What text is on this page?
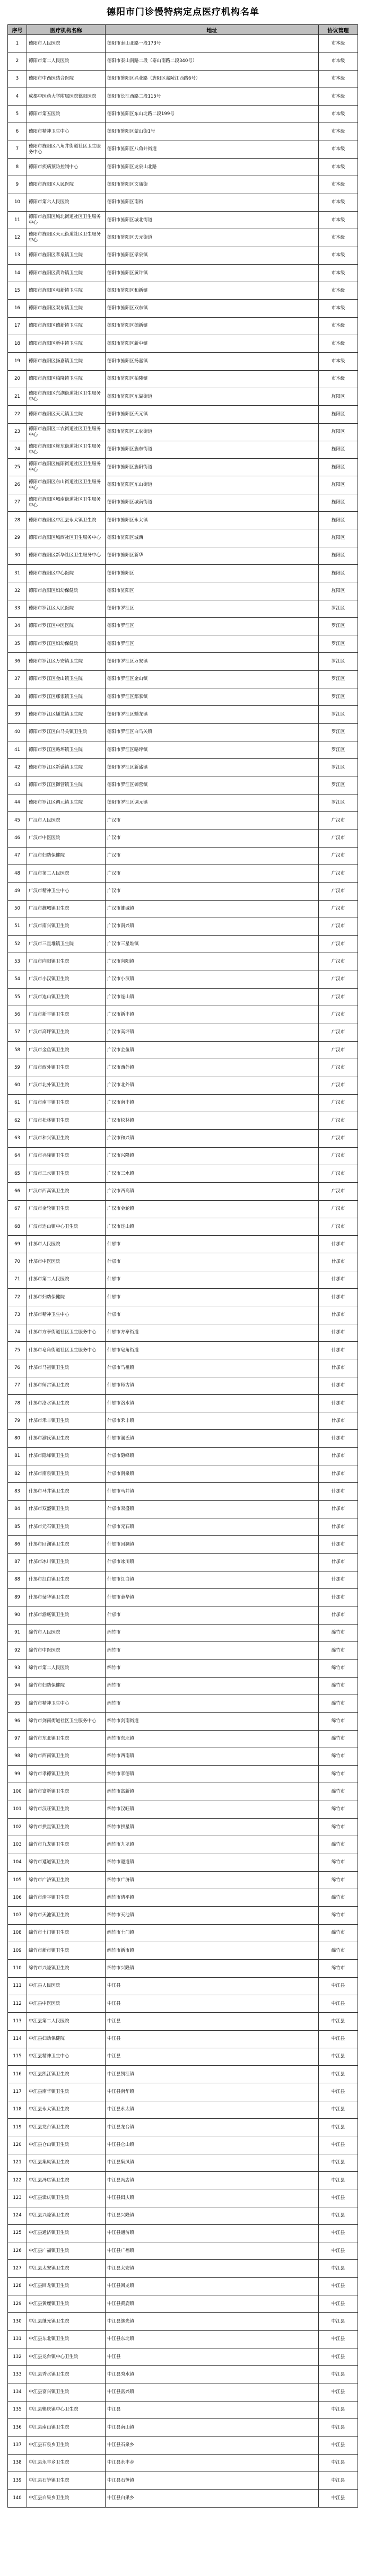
德阳市门诊慢特病定点医疗机构名单
序号	医疗机构名称	地址	协议管理
1	德阳市人民医院	德阳市泰山北路一段173号	市本级
2	德阳市第二人民医院	德阳市泰山南路二段（泰山南路二段340号）	市本级
3	德阳市中西医结合医院	德阳市旌阳区兴业路（旌阳区嘉陵江西路6号）	市本级
4	成都中医药大学附属医院德阳医院	德阳市长江西路二段115号	市本级
5	德阳市第五医院	德阳市旌阳区东山北路二段199号	市本级
6	德阳市精神卫生中心	德阳市旌阳区蒙山街1号	市本级
7	德阳市旌阳区八角井街道社区卫生服务中心	德阳市旌阳区八角井街道	市本级
8	德阳市疾病预防控制中心	德阳市旌阳区龙泉山北路	市本级
9	德阳市旌阳区人民医院	德阳市旌阳区文庙街	市本级
10	德阳市第六人民医院	德阳市旌阳区南街	市本级
11	德阳市旌阳区城北街道社区卫生服务中心	德阳市旌阳区城北街道	市本级
12	德阳市旌阳区天元街道社区卫生服务中心	德阳市旌阳区天元街道	市本级
13	德阳市旌阳区孝泉镇卫生院	德阳市旌阳区孝泉镇	市本级
14	德阳市旌阳区黄许镇卫生院	德阳市旌阳区黄许镇	市本级
15	德阳市旌阳区和新镇卫生院	德阳市旌阳区和新镇	市本级
16	德阳市旌阳区双东镇卫生院	德阳市旌阳区双东镇	市本级
17	德阳市旌阳区德新镇卫生院	德阳市旌阳区德新镇	市本级
18	德阳市旌阳区新中镇卫生院	德阳市旌阳区新中镇	市本级
19	德阳市旌阳区扬嘉镇卫生院	德阳市旌阳区扬嘉镇	市本级
20	德阳市旌阳区柏隆镇卫生院	德阳市旌阳区柏隆镇	市本级
21	德阳市旌阳区东湖街道社区卫生服务中心	德阳市旌阳区东湖街道	旌阳区
22	德阳市旌阳区天元镇卫生院	德阳市旌阳区天元镇	旌阳区
23	德阳市旌阳区工农街道社区卫生服务中心	德阳市旌阳区工农街道	旌阳区
24	德阳市旌阳区旌东街道社区卫生服务中心	德阳市旌阳区旌东街道	旌阳区
25	德阳市旌阳区旌阳街道社区卫生服务中心	德阳市旌阳区旌阳街道	旌阳区
26	德阳市旌阳区东山街道社区卫生服务中心	德阳市旌阳区东山街道	旌阳区
27	德阳市旌阳区城南街道社区卫生服务中心	德阳市旌阳区城南街道	旌阳区
28	德阳市旌阳区中江县永太镇卫生院	德阳市旌阳区永太镇	旌阳区
29	德阳市旌阳区城西社区卫生服务中心	德阳市旌阳区城西	旌阳区
30	德阳市旌阳区新华社区卫生服务中心	德阳市旌阳区新华	旌阳区
31	德阳市旌阳区中心医院	德阳市旌阳区	旌阳区
32	德阳市旌阳区妇幼保健院	德阳市旌阳区	旌阳区
33	德阳市罗江区人民医院	德阳市罗江区	罗江区
34	德阳市罗江区中医医院	德阳市罗江区	罗江区
35	德阳市罗江区妇幼保健院	德阳市罗江区	罗江区
36	德阳市罗江区万安镇卫生院	德阳市罗江区万安镇	罗江区
37	德阳市罗江区金山镇卫生院	德阳市罗江区金山镇	罗江区
38	德阳市罗江区鄢家镇卫生院	德阳市罗江区鄢家镇	罗江区
39	德阳市罗江区蟠龙镇卫生院	德阳市罗江区蟠龙镇	罗江区
40	德阳市罗江区白马关镇卫生院	德阳市罗江区白马关镇	罗江区
41	德阳市罗江区略坪镇卫生院	德阳市罗江区略坪镇	罗江区
42	德阳市罗江区新盛镇卫生院	德阳市罗江区新盛镇	罗江区
43	德阳市罗江区御营镇卫生院	德阳市罗江区御营镇	罗江区
44	德阳市罗江区调元镇卫生院	德阳市罗江区调元镇	罗江区
45	广汉市人民医院	广汉市	广汉市
46	广汉市中医医院	广汉市	广汉市
47	广汉市妇幼保健院	广汉市	广汉市
48	广汉市第二人民医院	广汉市	广汉市
49	广汉市精神卫生中心	广汉市	广汉市
50	广汉市雒城镇卫生院	广汉市雒城镇	广汉市
51	广汉市南兴镇卫生院	广汉市南兴镇	广汉市
52	广汉市三星堆镇卫生院	广汉市三星堆镇	广汉市
53	广汉市向阳镇卫生院	广汉市向阳镇	广汉市
54	广汉市小汉镇卫生院	广汉市小汉镇	广汉市
55	广汉市连山镇卫生院	广汉市连山镇	广汉市
56	广汉市新丰镇卫生院	广汉市新丰镇	广汉市
57	广汉市高坪镇卫生院	广汉市高坪镇	广汉市
58	广汉市金鱼镇卫生院	广汉市金鱼镇	广汉市
59	广汉市西外镇卫生院	广汉市西外镇	广汉市
60	广汉市北外镇卫生院	广汉市北外镇	广汉市
61	广汉市南丰镇卫生院	广汉市南丰镇	广汉市
62	广汉市松林镇卫生院	广汉市松林镇	广汉市
63	广汉市和兴镇卫生院	广汉市和兴镇	广汉市
64	广汉市兴隆镇卫生院	广汉市兴隆镇	广汉市
65	广汉市三水镇卫生院	广汉市三水镇	广汉市
66	广汉市西高镇卫生院	广汉市西高镇	广汉市
67	广汉市金轮镇卫生院	广汉市金轮镇	广汉市
68	广汉市连山镇中心卫生院	广汉市连山镇	广汉市
69	什邡市人民医院	什邡市	什邡市
70	什邡市中医医院	什邡市	什邡市
71	什邡市第二人民医院	什邡市	什邡市
72	什邡市妇幼保健院	什邡市	什邡市
73	什邡市精神卫生中心	什邡市	什邡市
74	什邡市方亭街道社区卫生服务中心	什邡市方亭街道	什邡市
75	什邡市皂角街道社区卫生服务中心	什邡市皂角街道	什邡市
76	什邡市马祖镇卫生院	什邡市马祖镇	什邡市
77	什邡市师古镇卫生院	什邡市师古镇	什邡市
78	什邡市洛水镇卫生院	什邡市洛水镇	什邡市
79	什邡市禾丰镇卫生院	什邡市禾丰镇	什邡市
80	什邡市湔氐镇卫生院	什邡市湔氐镇	什邡市
81	什邡市隐峰镇卫生院	什邡市隐峰镇	什邡市
82	什邡市南泉镇卫生院	什邡市南泉镇	什邡市
83	什邡市马井镇卫生院	什邡市马井镇	什邡市
84	什邡市双盛镇卫生院	什邡市双盛镇	什邡市
85	什邡市元石镇卫生院	什邡市元石镇	什邡市
86	什邡市回澜镇卫生院	什邡市回澜镇	什邡市
87	什邡市冰川镇卫生院	什邡市冰川镇	什邡市
88	什邡市红白镇卫生院	什邡市红白镇	什邡市
89	什邡市蓥华镇卫生院	什邡市蓥华镇	什邡市
90	什邡市湔底镇卫生院	什邡市	什邡市
91	绵竹市人民医院	绵竹市	绵竹市
92	绵竹市中医医院	绵竹市	绵竹市
93	绵竹市第二人民医院	绵竹市	绵竹市
94	绵竹市妇幼保健院	绵竹市	绵竹市
95	绵竹市精神卫生中心	绵竹市	绵竹市
96	绵竹市剑南街道社区卫生服务中心	绵竹市剑南街道	绵竹市
97	绵竹市东北镇卫生院	绵竹市东北镇	绵竹市
98	绵竹市西南镇卫生院	绵竹市西南镇	绵竹市
99	绵竹市孝德镇卫生院	绵竹市孝德镇	绵竹市
100	绵竹市富新镇卫生院	绵竹市富新镇	绵竹市
101	绵竹市汉旺镇卫生院	绵竹市汉旺镇	绵竹市
102	绵竹市拱星镇卫生院	绵竹市拱星镇	绵竹市
103	绵竹市九龙镇卫生院	绵竹市九龙镇	绵竹市
104	绵竹市遵道镇卫生院	绵竹市遵道镇	绵竹市
105	绵竹市广济镇卫生院	绵竹市广济镇	绵竹市
106	绵竹市清平镇卫生院	绵竹市清平镇	绵竹市
107	绵竹市天池镇卫生院	绵竹市天池镇	绵竹市
108	绵竹市土门镇卫生院	绵竹市土门镇	绵竹市
109	绵竹市新市镇卫生院	绵竹市新市镇	绵竹市
110	绵竹市兴隆镇卫生院	绵竹市兴隆镇	绵竹市
111	中江县人民医院	中江县	中江县
112	中江县中医医院	中江县	中江县
113	中江县第二人民医院	中江县	中江县
114	中江县妇幼保健院	中江县	中江县
115	中江县精神卫生中心	中江县	中江县
116	中江县凯江镇卫生院	中江县凯江镇	中江县
117	中江县南华镇卫生院	中江县南华镇	中江县
118	中江县永太镇卫生院	中江县永太镇	中江县
119	中江县龙台镇卫生院	中江县龙台镇	中江县
120	中江县仓山镇卫生院	中江县仓山镇	中江县
121	中江县集凤镇卫生院	中江县集凤镇	中江县
122	中江县冯店镇卫生院	中江县冯店镇	中江县
123	中江县辑庆镇卫生院	中江县辑庆镇	中江县
124	中江县兴隆镇卫生院	中江县兴隆镇	中江县
125	中江县通济镇卫生院	中江县通济镇	中江县
126	中江县广福镇卫生院	中江县广福镇	中江县
127	中江县太安镇卫生院	中江县太安镇	中江县
128	中江县回龙镇卫生院	中江县回龙镇	中江县
129	中江县黄鹿镇卫生院	中江县黄鹿镇	中江县
130	中江县继光镇卫生院	中江县继光镇	中江县
131	中江县东北镇卫生院	中江县东北镇	中江县
132	中江县龙台镇中心卫生院	中江县	中江县
133	中江县秀水镇卫生院	中江县秀水镇	中江县
134	中江县富兴镇卫生院	中江县富兴镇	中江县
135	中江县辑庆镇中心卫生院	中江县	中江县
136	中江县南山镇卫生院	中江县南山镇	中江县
137	中江县石泉乡卫生院	中江县石泉乡	中江县
138	中江县永丰乡卫生院	中江县永丰乡	中江县
139	中江县石笋镇卫生院	中江县石笋镇	中江县
140	中江县白果乡卫生院	中江县白果乡	中江县
